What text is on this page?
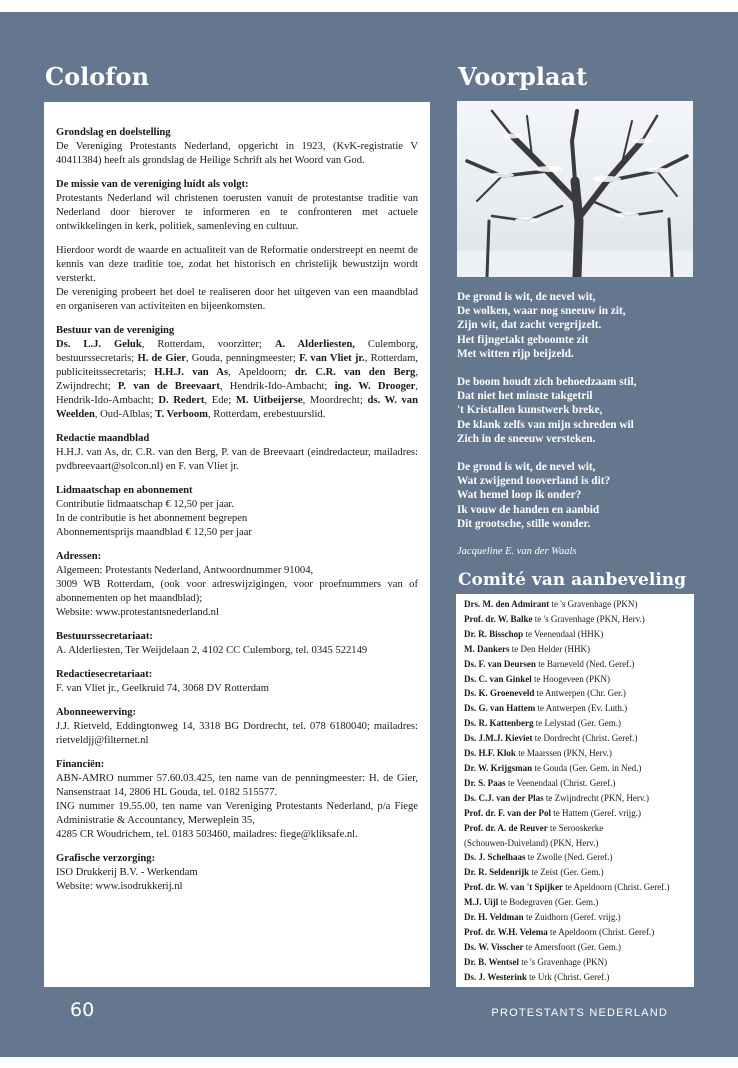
Colofon	Voorplaat
Grondslag en doelstelling
De Vereniging Protestants Nederland, opgericht in 1923, (KvK-registratie V 40411384) heeft als grondslag de Heilige Schrift als het Woord van God.
De missie van de vereniging luidt als volgt:
Protestants Nederland wil christenen toerusten vanuit de protestantse traditie van Nederland door hierover te informeren en te confronteren met actuele ontwikkelingen in kerk, politiek, samenleving en cultuur.
Hierdoor wordt de waarde en actualiteit van de Reformatie onderstreept en neemt de kennis van deze traditie toe, zodat het historisch en christelijk bewustzijn wordt versterkt.
De vereniging probeert het doel te realiseren door het uitgeven van een maandblad en organiseren van activiteiten en bijeenkomsten.
Bestuur van de vereniging
Ds. L.J. Geluk, Rotterdam, voorzitter; A. Alderliesten, Culemborg, bestuurssecretaris; H. de Gier, Gouda, penningmeester; F. van Vliet jr., Rotterdam, publiciteitssecretaris; H.H.J. van As, Apeldoorn; dr. C.R. van den Berg, Zwijndrecht; P. van de Breevaart, Hendrik-Ido-Ambacht; ing. W. Drooger, Hendrik-Ido-Ambacht; D. Redert, Ede; M. Uitbeijerse, Moordrecht; ds. W. van Weelden, Oud-Alblas; T. Verboom, Rotterdam, erebestuurslid.
Redactie maandblad
H.H.J. van As, dr. C.R. van den Berg, P. van de Breevaart (eindredacteur, mailadres: pvdbreevaart@solcon.nl) en F. van Vliet jr.
Lidmaatschap en abonnement
Contributie lidmaatschap € 12,50 per jaar.
In de contributie is het abonnement begrepen
Abonnementsprijs maandblad € 12,50 per jaar
Adressen:
Algemeen: Protestants Nederland, Antwoordnummer 91004,
3009 WB Rotterdam, (ook voor adreswijzigingen, voor proefnummers van of abonnementen op het maandblad);
Website: www.protestantsnederland.nl
Bestuurssecretariaat:
A. Alderliesten, Ter Weijdelaan 2, 4102 CC Culemborg, tel. 0345 522149
Redactiesecretariaat:
F. van Vliet jr., Geelkruid 74, 3068 DV Rotterdam
Abonneewerving:
J.J. Rietveld, Eddingtonweg 14, 3318 BG Dordrecht, tel. 078 6180040; mailadres: rietveldjj@filternet.nl
Financiën:
ABN-AMRO nummer 57.60.03.425, ten name van de penningmeester: H. de Gier, Nansenstraat 14, 2806 HL Gouda, tel. 0182 515577.
ING nummer 19.55.00, ten name van Vereniging Protestants Nederland, p/a Fiege Administratie & Accountancy, Merweplein 35,
4285 CR Woudrichem, tel. 0183 503460, mailadres: fiege@kliksafe.nl.
Grafische verzorging:
ISO Drukkerij B.V. - Werkendam
Website: www.isodrukkerij.nl
De grond is wit, de nevel wit,
De wolken, waar nog sneeuw in zit,
Zijn wit, dat zacht vergrijzelt.
Het fijngetakt geboomte zit
Met witten rijp beijzeld.
De boom houdt zich behoedzaam stil,
Dat niet het minste takgetril
't Kristallen kunstwerk breke,
De klank zelfs van mijn schreden wil
Zich in de sneeuw versteken.
De grond is wit, de nevel wit,
Wat zwijgend tooverland is dit?
Wat hemel loop ik onder?
Ik vouw de handen en aanbid
Dit grootsche, stille wonder.
Jacqueline E. van der Waals
Comité van aanbeveling
Drs. M. den Admirant te 's Gravenhage (PKN)
Prof. dr. W. Balke te 's Gravenhage (PKN, Herv.)
Dr. R. Bisschop te Veenendaal (HHK)
M. Dankers te Den Helder (HHK)
Ds. F. van Deursen te Barneveld (Ned. Geref.)
Ds. C. van Ginkel te Hoogeveen (PKN)
Ds. K. Groeneveld te Antwerpen (Chr. Ger.)
Ds. G. van Hattem te Antwerpen (Ev. Luth.)
Ds. R. Kattenberg te Lelystad (Ger. Gem.)
Ds. J.M.J. Kieviet te Dordrecht (Christ. Geref.)
Ds. H.F. Klok te Maarssen (PKN, Herv.)
Dr. W. Krijgsman te Gouda (Ger. Gem. in Ned.)
Dr. S. Paas te Veenendaal (Christ. Geref.)
Ds. C.J. van der Plas te Zwijndrecht (PKN, Herv.)
Prof. dr. F. van der Pol te Hattem (Geref. vrijg.)
Prof. dr. A. de Reuver te Serooskerke
(Schouwen-Duiveland) (PKN, Herv.)
Ds. J. Schelhaas te Zwolle (Ned. Geref.)
Dr. R. Seldenrijk te Zeist (Ger. Gem.)
Prof. dr. W. van 't Spijker te Apeldoorn (Christ. Geref.)
M.J. Uijl te Bodegraven (Ger. Gem.)
Dr. H. Veldman te Zuidhorn (Geref. vrijg.)
Prof. dr. W.H. Velema te Apeldoorn (Christ. Geref.)
Ds. W. Visscher te Amersfoort (Ger. Gem.)
Dr. B. Wentsel te 's Gravenhage (PKN)
Ds. J. Westerink te Urk (Christ. Geref.)
60	PROTESTANTS NEDERLAND
